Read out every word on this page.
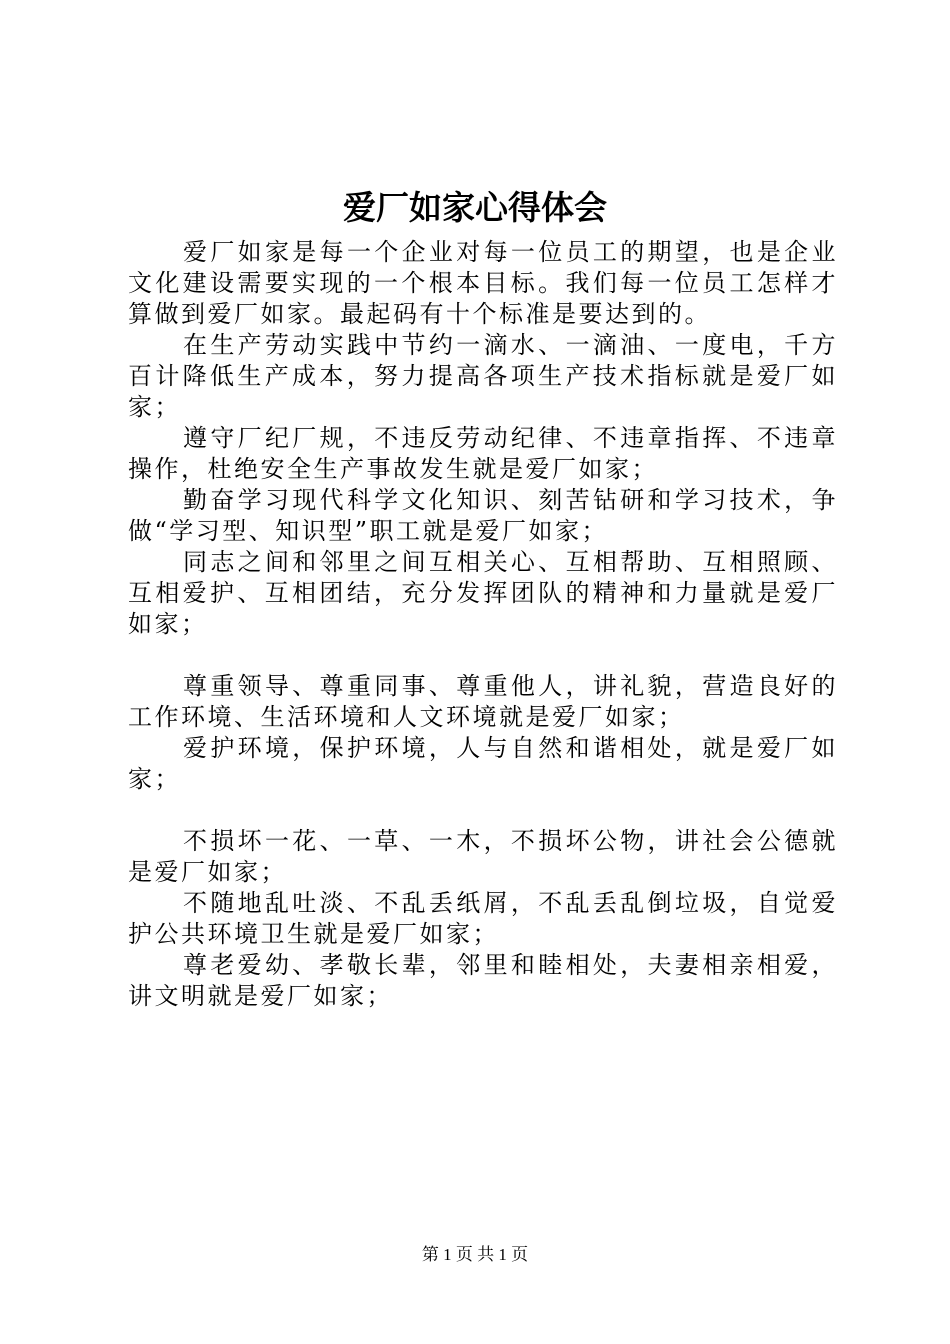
爱厂如家心得体会

爱厂如家是每一个企业对每一位员工的期望，也是企业文化建设需要实现的一个根本目标。我们每一位员工怎样才算做到爱厂如家。最起码有十个标准是要达到的。

在生产劳动实践中节约一滴水、一滴油、一度电，千方百计降低生产成本，努力提高各项生产技术指标就是爱厂如家；

遵守厂纪厂规，不违反劳动纪律、不违章指挥、不违章操作，杜绝安全生产事故发生就是爱厂如家；

勤奋学习现代科学文化知识、刻苦钻研和学习技术，争做“学习型、知识型”职工就是爱厂如家；

同志之间和邻里之间互相关心、互相帮助、互相照顾、互相爱护、互相团结，充分发挥团队的精神和力量就是爱厂如家；

尊重领导、尊重同事、尊重他人，讲礼貌，营造良好的工作环境、生活环境和人文环境就是爱厂如家；

爱护环境，保护环境，人与自然和谐相处，就是爱厂如家；

不损坏一花、一草、一木，不损坏公物，讲社会公德就是爱厂如家；

不随地乱吐淡、不乱丢纸屑，不乱丢乱倒垃圾，自觉爱护公共环境卫生就是爱厂如家；

尊老爱幼、孝敬长辈，邻里和睦相处，夫妻相亲相爱，讲文明就是爱厂如家；

第 1 页 共 1 页
